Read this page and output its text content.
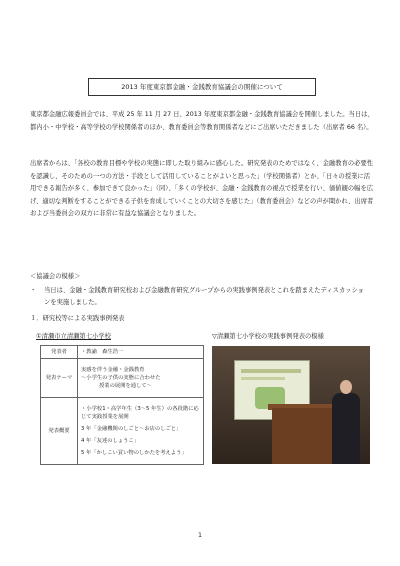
2013 年度東京都金融・金銭教育協議会の開催について
東京都金融広報委員会では、平成 25 年 11 月 27 日、2013 年度東京都金融・金銭教育協議会を開催しました。当日は、都内小・中学校・高等学校の学校関係者のほか、教育委員会等教育関係者などにご出席いただきました（出席者 66 名）。
出席者からは、「各校の教育目標や学校の実態に即した取り組みに感心した。研究発表のためではなく、金融教育の必要性を認識し、そのための一つの方法・手段として活用していることがよいと思った」（学校関係者）とか、「日々の授業に活用できる報告が多く、参加できて良かった」（同）、「多くの学校が、金融・金銭教育の視点で授業を行い、価値観の幅を広げ、適切な判断をすることができる子供を育成していくことの大切さを感じた」（教育委員会）などの声が聞かれ、出席者および当委員会の双方に非常に有益な協議会となりました。
＜協議会の模様＞
・	当日は、金融・金銭教育研究校および金融教育研究グループからの実践事例発表とこれを踏まえたディスカッションを実施しました。
１．研究校等による実践事例発表
①清瀬市立清瀬第七小学校	▽清瀬第七小学校の実践事例発表の模様
発表者	・教諭　森生浩一
発表テーマ	実感を伴う金融・金銭教育
～小学生の子供の実態に合わせた
授業の展開を通して～

発表概要	・小学校1・高学年生（3～5 年生）の各段階に応じて実践授業を展開
3 年「金融機関のしごと～お店のしごと」
4 年「友達のしょうこ」
5 年「かしこい買い物のしかたを考えよう」
1
